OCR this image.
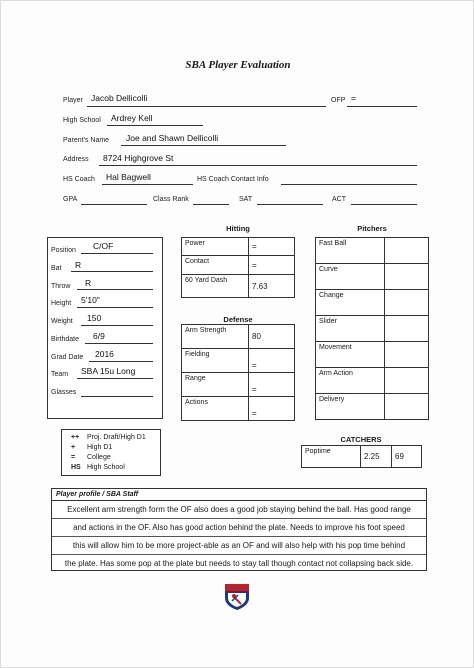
SBA Player Evaluation
Player Jacob Dellicolli	OFP =
High School Ardrey Kell
Parent's Name Joe and Shawn Dellicolli
Address 8724 Highgrove St
HS Coach Hal Bagwell	HS Coach Contact Info
GPA	Class Rank	SAT	ACT
Position C/OF
Bat R
Throw R
Height 5'10"
Weight 150
Birthdate 6/9
Grad Date 2016
Team SBA 15u Long
Glasses
Hitting
Power	=
Contact	=
60 Yard Dash	7.63
Defense
Arm Strength	80
Fielding	=
Range	=
Actions	=
Pitchers
Fast Ball	
Curve	
Change	
Slider	
Movement	
Arm Action	
Delivery	
++ Proj. Draft/High D1
+ High D1
= College
HS High School
CATCHERS
Poptime	2.25	69
Player profile / SBA Staff
Excellent arm strength form the OF also does a good job staying behind the ball. Has good range
and actions in the OF. Also has good action behind the plate. Needs to improve his foot speed
this will allow him to be more project-able as an OF and will also help with his pop time behind
the plate. Has some pop at the plate but needs to stay tall though contact not collapsing back side.
